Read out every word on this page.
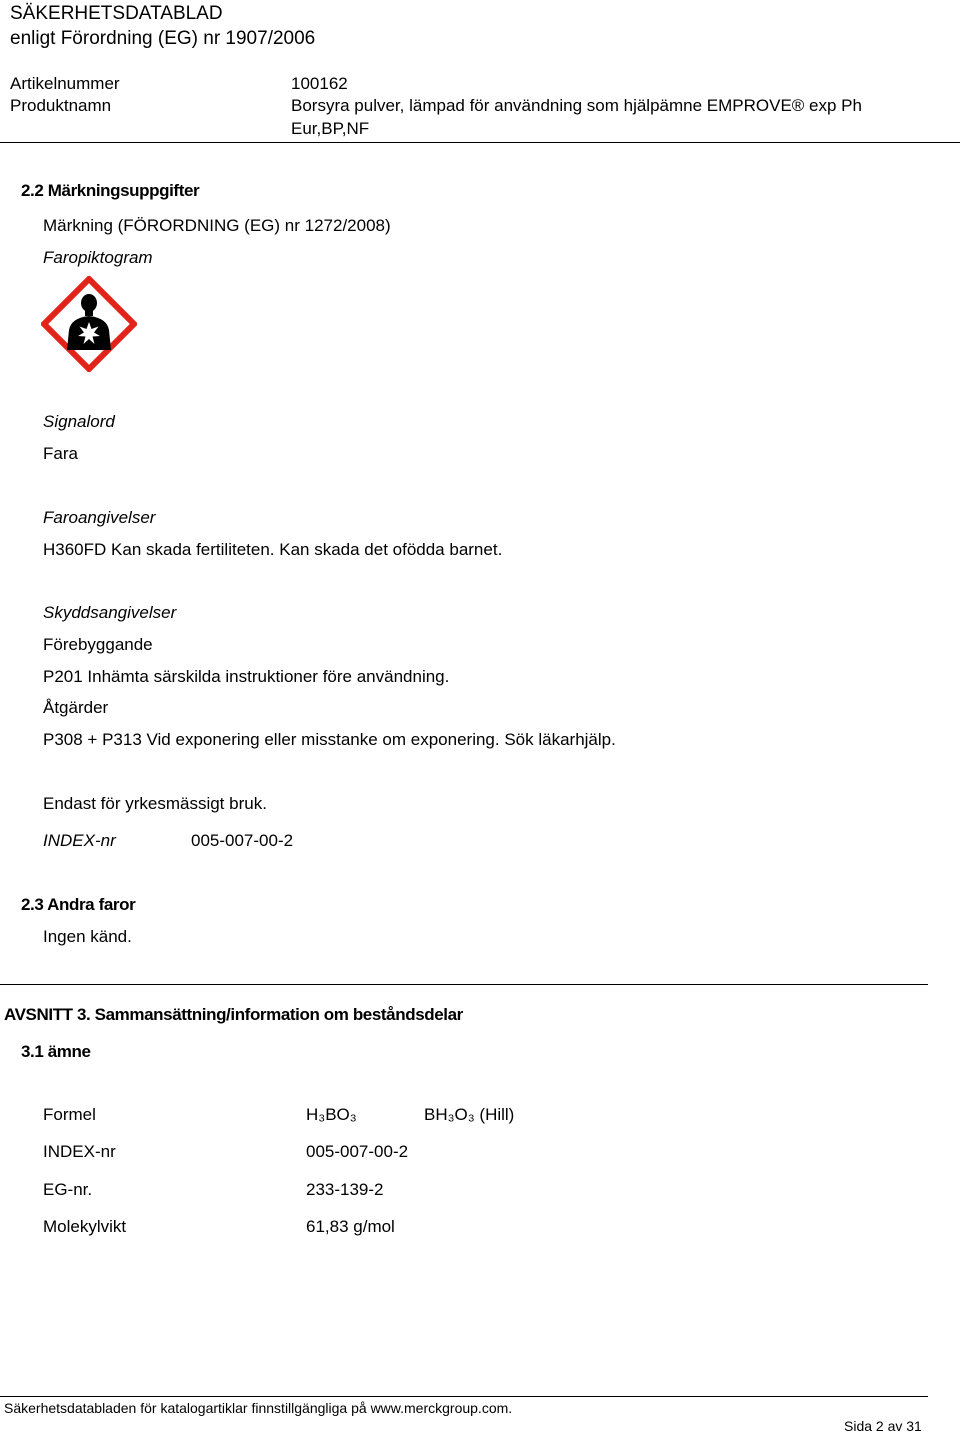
SÄKERHETSDATABLAD
enligt Förordning (EG) nr 1907/2006
Artikelnummer	100162
Produktnamn	Borsyra pulver, lämpad för användning som hjälpämne EMPROVE® exp Ph
Eur,BP,NF
2.2 Märkningsuppgifter
Märkning (FÖRORDNING (EG) nr 1272/2008)
Faropiktogram
Signalord
Fara
Faroangivelser
H360FD Kan skada fertiliteten. Kan skada det ofödda barnet.
Skyddsangivelser
Förebyggande
P201 Inhämta särskilda instruktioner före användning.
Åtgärder
P308 + P313 Vid exponering eller misstanke om exponering. Sök läkarhjälp.
Endast för yrkesmässigt bruk.
INDEX-nr	005-007-00-2
2.3 Andra faror
Ingen känd.
AVSNITT 3. Sammansättning/information om beståndsdelar
3.1 ämne
Formel	H₃BO₃	BH₃O₃ (Hill)
INDEX-nr	005-007-00-2
EG-nr.	233-139-2
Molekylvikt	61,83 g/mol
Säkerhetsdatabladen för katalogartiklar finnstillgängliga på www.merckgroup.com.
Sida 2 av 31
